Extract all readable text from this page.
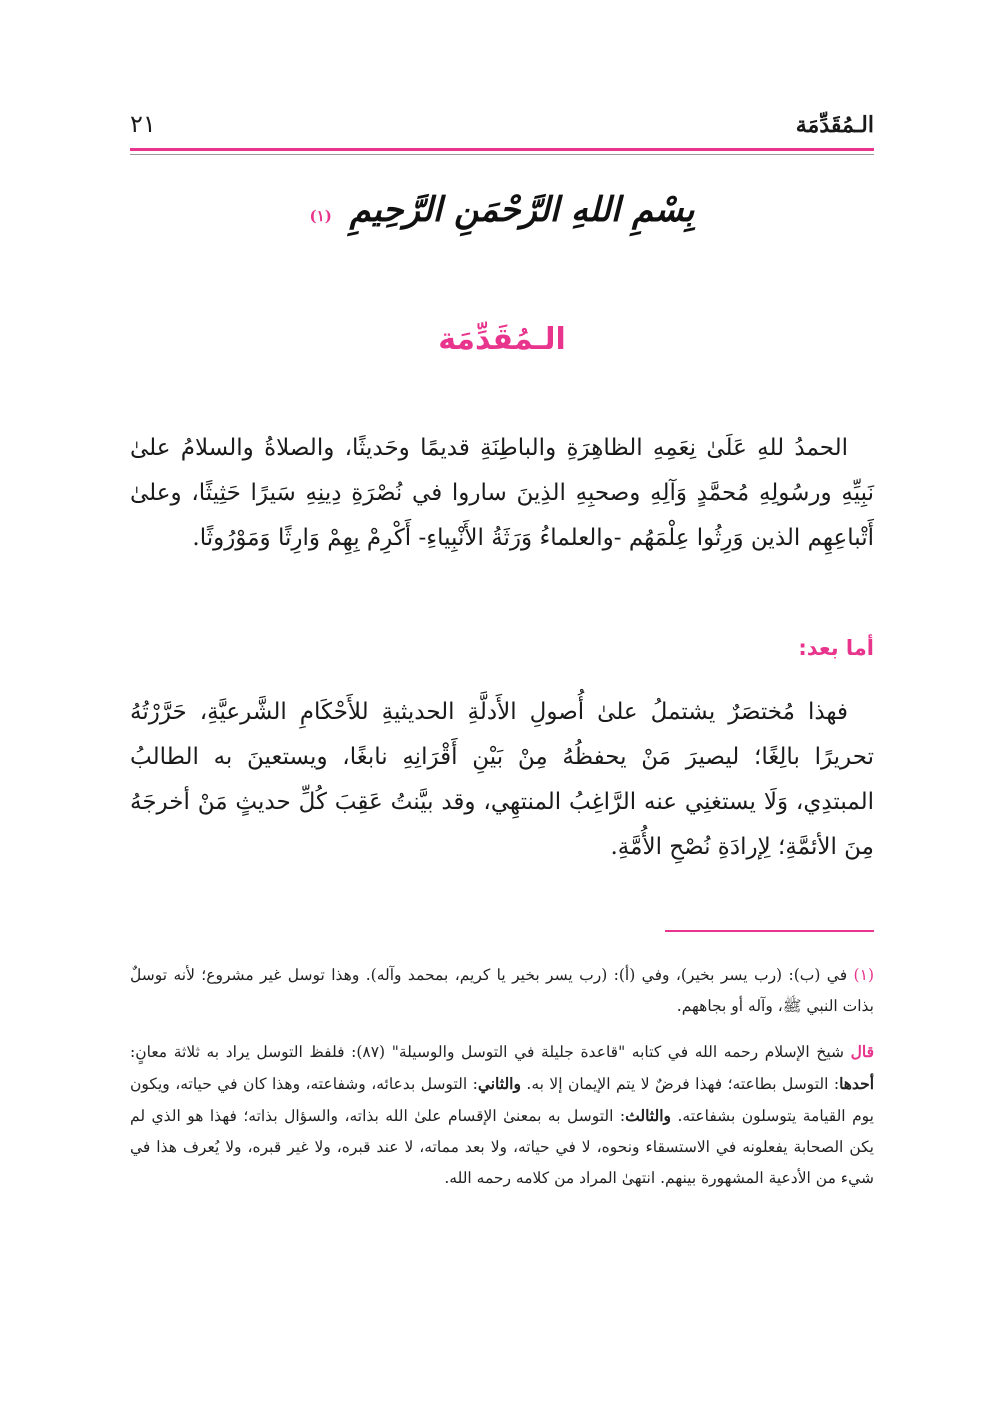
الـمُقَدِّمَة
٢١
بِسْمِ اللهِ الرَّحْمَنِ الرَّحِيمِ (١)
الـمُقَدِّمَة

الحمدُ للهِ عَلَىٰ نِعَمِهِ الظاهِرَةِ والباطِنَةِ قديمًا وحَديثًا، والصلاةُ والسلامُ علىٰ نَبِيِّهِ ورسُولِهِ مُحمَّدٍ وَآلِهِ وصحبِهِ الذِينَ ساروا في نُصْرَةِ دِينِهِ سَيرًا حَثِيثًا، وعلىٰ أَتْباعِهِم الذين وَرِثُوا عِلْمَهُم -والعلماءُ وَرَثَةُ الأَنْبِياءِ- أَكْرِمْ بِهِمْ وَارِثًا وَمَوْرُوثًا.

أما بعد:

فهذا مُختصَرٌ يشتملُ علىٰ أُصولِ الأَدلَّةِ الحديثيةِ للأَحْكَامِ الشَّرعيَّةِ، حَرَّرْتُهُ تحريرًا بالِغًا؛ ليصيرَ مَنْ يحفظُهُ مِنْ بَيْنِ أَقْرَانِهِ نابغًا، ويستعينَ به الطالبُ المبتدِي، وَلَا يستغنِي عنه الرَّاغِبُ المنتهِي، وقد بيَّنتُ عَقِبَ كُلِّ حديثٍ مَنْ أخرجَهُ مِنَ الأئمَّةِ؛ لِإرادَةِ نُصْحِ الأُمَّةِ.

(١) في (ب): (رب يسر بخير)، وفي (أ): (رب يسر بخير يا كريم، بمحمد وآله). وهذا توسل غير مشروع؛ لأنه توسلٌ بذات النبي ﷺ، وآله أو بجاههم.

قال شيخ الإسلام رحمه الله في كتابه "قاعدة جليلة في التوسل والوسيلة" (٨٧): فلفظ التوسل يراد به ثلاثة معانٍ: أحدها: التوسل بطاعته؛ فهذا فرضٌ لا يتم الإيمان إلا به. والثاني: التوسل بدعائه، وشفاعته، وهذا كان في حياته، ويكون يوم القيامة يتوسلون بشفاعته. والثالث: التوسل به بمعنىٰ الإقسام علىٰ الله بذاته، والسؤال بذاته؛ فهذا هو الذي لم يكن الصحابة يفعلونه في الاستسقاء ونحوه، لا في حياته، ولا بعد مماته، لا عند قبره، ولا غير قبره، ولا يُعرف هذا في شيء من الأدعية المشهورة بينهم. انتهىٰ المراد من كلامه رحمه الله.
